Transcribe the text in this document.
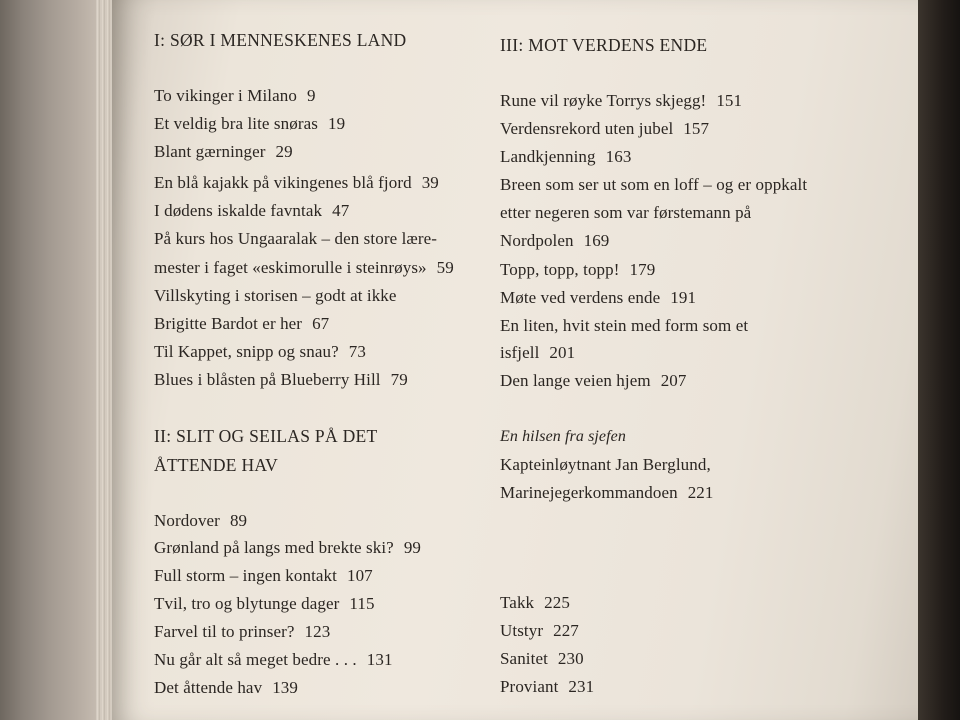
I: SØR I MENNESKENES LAND
To vikinger i Milano 9
Et veldig bra lite snøras 19
Blant gærninger 29
En blå kajakk på vikingenes blå fjord 39
I dødens iskalde favntak 47
På kurs hos Ungaaralak – den store lære-
mester i faget «eskimorulle i steinrøys» 59
Villskyting i storisen – godt at ikke
Brigitte Bardot er her 67
Til Kappet, snipp og snau? 73
Blues i blåsten på Blueberry Hill 79
II: SLIT OG SEILAS PÅ DET
ÅTTENDE HAV
Nordover 89
Grønland på langs med brekte ski? 99
Full storm – ingen kontakt 107
Tvil, tro og blytunge dager 115
Farvel til to prinser? 123
Nu går alt så meget bedre . . . 131
Det åttende hav 139
III: MOT VERDENS ENDE
Rune vil røyke Torrys skjegg! 151
Verdensrekord uten jubel 157
Landkjenning 163
Breen som ser ut som en loff – og er oppkalt
etter negeren som var førstemann på
Nordpolen 169
Topp, topp, topp! 179
Møte ved verdens ende 191
En liten, hvit stein med form som et
isfjell 201
Den lange veien hjem 207
En hilsen fra sjefen
Kapteinløytnant Jan Berglund,
Marinejegerkommandoen 221
Takk 225
Utstyr 227
Sanitet 230
Proviant 231
